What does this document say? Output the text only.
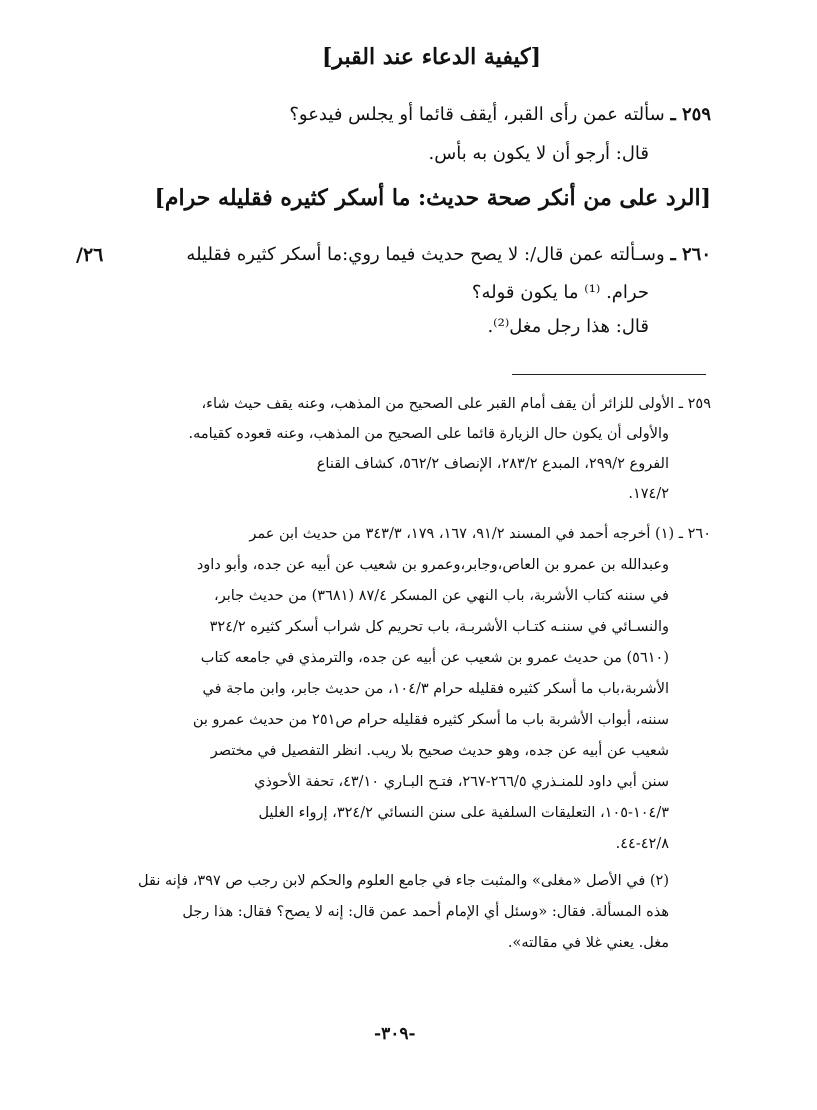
[كيفية الدعاء عند القبر]
٢٥٩ ـ سألته عمن رأى القبر، أيقف قائما أو يجلس فيدعو؟
قال: أرجو أن لا يكون به بأس.
[الرد على من أنكر صحة حديث: ما أسكر كثيره فقليله حرام]
٢٦/	٢٦٠ ـ وسـألته عمن قال/: لا يصح حديث فيما روي:ما أسكر كثيره فقليله
حرام. ⁽¹⁾ ما يكون قوله؟
قال: هذا رجل مغل⁽²⁾.
٢٥٩ ـ الأولى للزائر أن يقف أمام القبر على الصحيح من المذهب، وعنه يقف حيث شاء،
والأولى أن يكون حال الزيارة قائما على الصحيح من المذهب، وعنه قعوده كقيامه.
الفروع ٢٩٩/٢، المبدع ٢٨٣/٢، الإنصاف ٥٦٢/٢، كشاف القناع
١٧٤/٢.
٢٦٠ ـ (١) أخرجه أحمد في المسند ٩١/٢، ١٦٧، ١٧٩، ٣٤٣/٣ من حديث ابن عمر
وعبدالله بن عمرو بن العاص،وجابر،وعمرو بن شعيب عن أبيه عن جده، وأبو داود
في سننه كتاب الأشربة، باب النهي عن المسكر ٨٧/٤ (٣٦٨١) من حديث جابر،
والنسـائي في سننـه كتـاب الأشربـة، باب تحريم كل شراب أسكر كثيره ٣٢٤/٢
(٥٦١٠) من حديث عمرو بن شعيب عن أبيه عن جده، والترمذي في جامعه كتاب
الأشربة،باب ما أسكر كثيره فقليله حرام ١٠٤/٣، من حديث جابر، وابن ماجة في
سننه، أبواب الأشربة باب ما أسكر كثيره فقليله حرام ص٢٥١ من حديث عمرو بن
شعيب عن أبيه عن جده، وهو حديث صحيح بلا ريب. انظر التفصيل في مختصر
سنن أبي داود للمنـذري ٢٦٦/٥-٢٦٧، فتـح البـاري ٤٣/١٠، تحفة الأحوذي
١٠٤/٣-١٠٥، التعليقات السلفية على سنن النسائي ٣٢٤/٢، إرواء الغليل
٤٢/٨-٤٤.
(٢) في الأصل «مغلى» والمثبت جاء في جامع العلوم والحكم لابن رجب ص ٣٩٧، فإنه نقل
هذه المسألة. فقال: «وسئل أي الإمام أحمد عمن قال: إنه لا يصح؟ فقال: هذا رجل
مغل. يعني غلا في مقالته».
-٣٠٩-
